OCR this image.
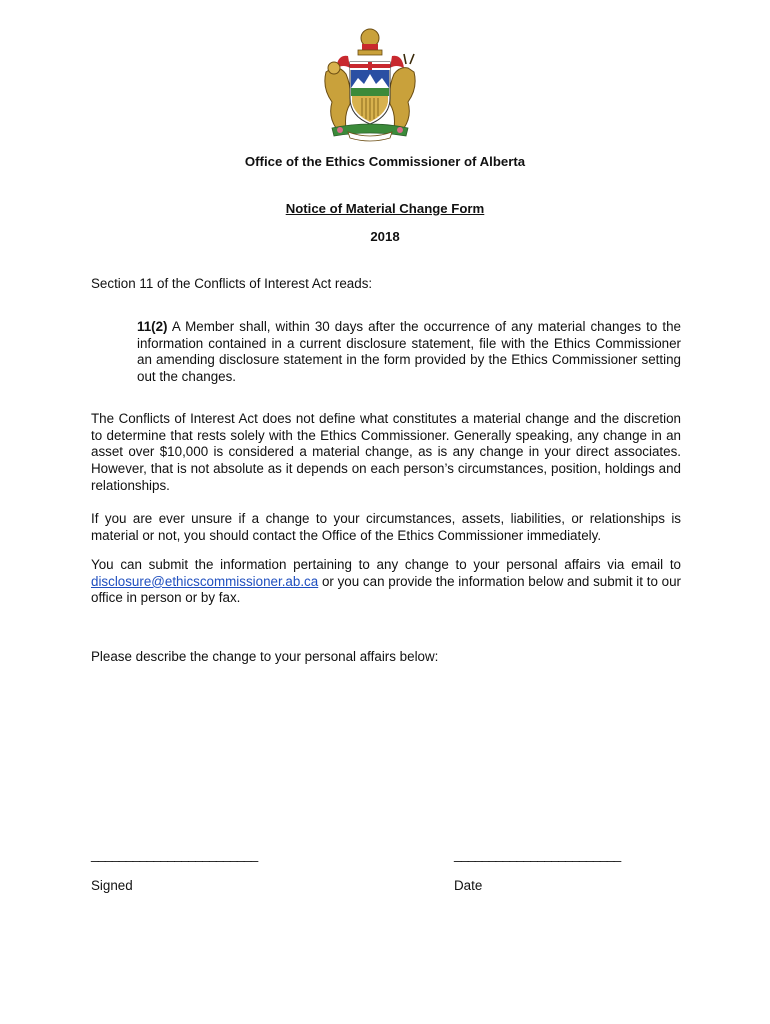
Office of the Ethics Commissioner of Alberta
Notice of Material Change Form
2018
Section 11 of the Conflicts of Interest Act reads:
11(2) A Member shall, within 30 days after the occurrence of any material changes to the information contained in a current disclosure statement, file with the Ethics Commissioner an amending disclosure statement in the form provided by the Ethics Commissioner setting out the changes.
The Conflicts of Interest Act does not define what constitutes a material change and the discretion to determine that rests solely with the Ethics Commissioner. Generally speaking, any change in an asset over $10,000 is considered a material change, as is any change in your direct associates. However, that is not absolute as it depends on each person’s circumstances, position, holdings and relationships.
If you are ever unsure if a change to your circumstances, assets, liabilities, or relationships is material or not, you should contact the Office of the Ethics Commissioner immediately.
You can submit the information pertaining to any change to your personal affairs via email to disclosure@ethicscommissioner.ab.ca or you can provide the information below and submit it to our office in person or by fax.
Please describe the change to your personal affairs below:
________________________	________________________
Signed	Date
